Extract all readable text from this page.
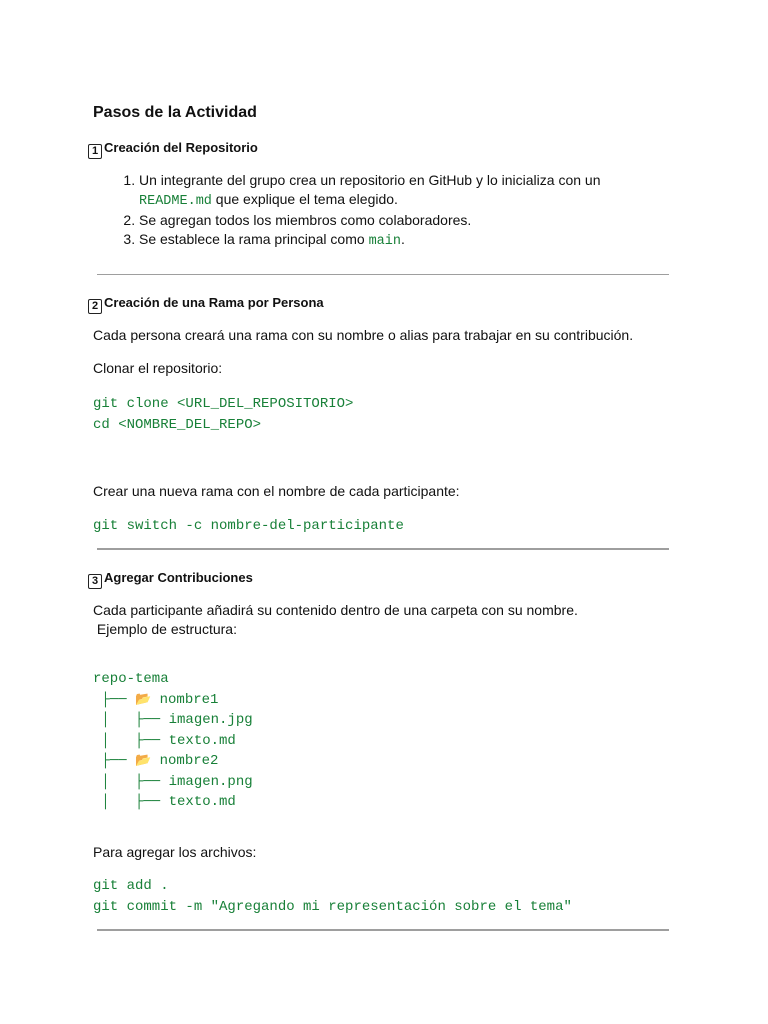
Pasos de la Actividad
1 Creación del Repositorio
1. Un integrante del grupo crea un repositorio en GitHub y lo inicializa con un
README.md que explique el tema elegido.
2. Se agregan todos los miembros como colaboradores.
3. Se establece la rama principal como main.
2 Creación de una Rama por Persona
Cada persona creará una rama con su nombre o alias para trabajar en su contribución.
Clonar el repositorio:
git clone <URL_DEL_REPOSITORIO>
cd <NOMBRE_DEL_REPO>
Crear una nueva rama con el nombre de cada participante:
git switch -c nombre-del-participante
3 Agregar Contribuciones
Cada participante añadirá su contenido dentro de una carpeta con su nombre.
Ejemplo de estructura:
repo-tema
├── 📂 nombre1
│   ├── imagen.jpg
│   ├── texto.md
├── 📂 nombre2
│   ├── imagen.png
│   ├── texto.md
Para agregar los archivos:
git add .
git commit -m "Agregando mi representación sobre el tema"
